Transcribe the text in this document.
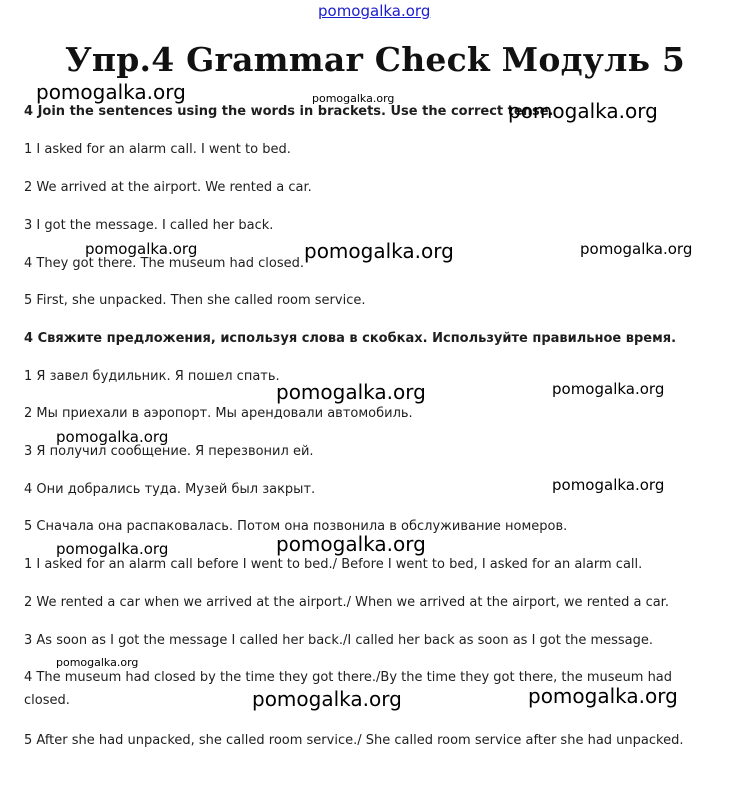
pomogalka.org
Упр.4 Grammar Check Модуль 5
4 Join the sentences using the words in brackets. Use the correct tense.
1 I asked for an alarm call. I went to bed.
2 We arrived at the airport. We rented a car.
3 I got the message. I called her back.
4 They got there. The museum had closed.
5 First, she unpacked. Then she called room service.
4 Свяжите предложения, используя слова в скобках. Используйте правильное время.
1 Я завел будильник. Я пошел спать.
2 Мы приехали в аэропорт. Мы арендовали автомобиль.
3 Я получил сообщение. Я перезвонил ей.
4 Они добрались туда. Музей был закрыт.
5 Сначала она распаковалась. Потом она позвонила в обслуживание номеров.
1 I asked for an alarm call before I went to bed./ Before I went to bed, I asked for an alarm call.
2 We rented a car when we arrived at the airport./ When we arrived at the airport, we rented a car.
3 As soon as I got the message I called her back./I called her back as soon as I got the message.
4 The museum had closed by the time they got there./By the time they got there, the museum had
closed.
5 After she had unpacked, she called room service./ She called room service after she had unpacked.
pomogalka.org	pomogalka.org
pomogalka.org
pomogalka.org	pomogalka.org	pomogalka.org
pomogalka.org	pomogalka.org
pomogalka.org
pomogalka.org
pomogalka.org	pomogalka.org
pomogalka.org
pomogalka.org	pomogalka.org
